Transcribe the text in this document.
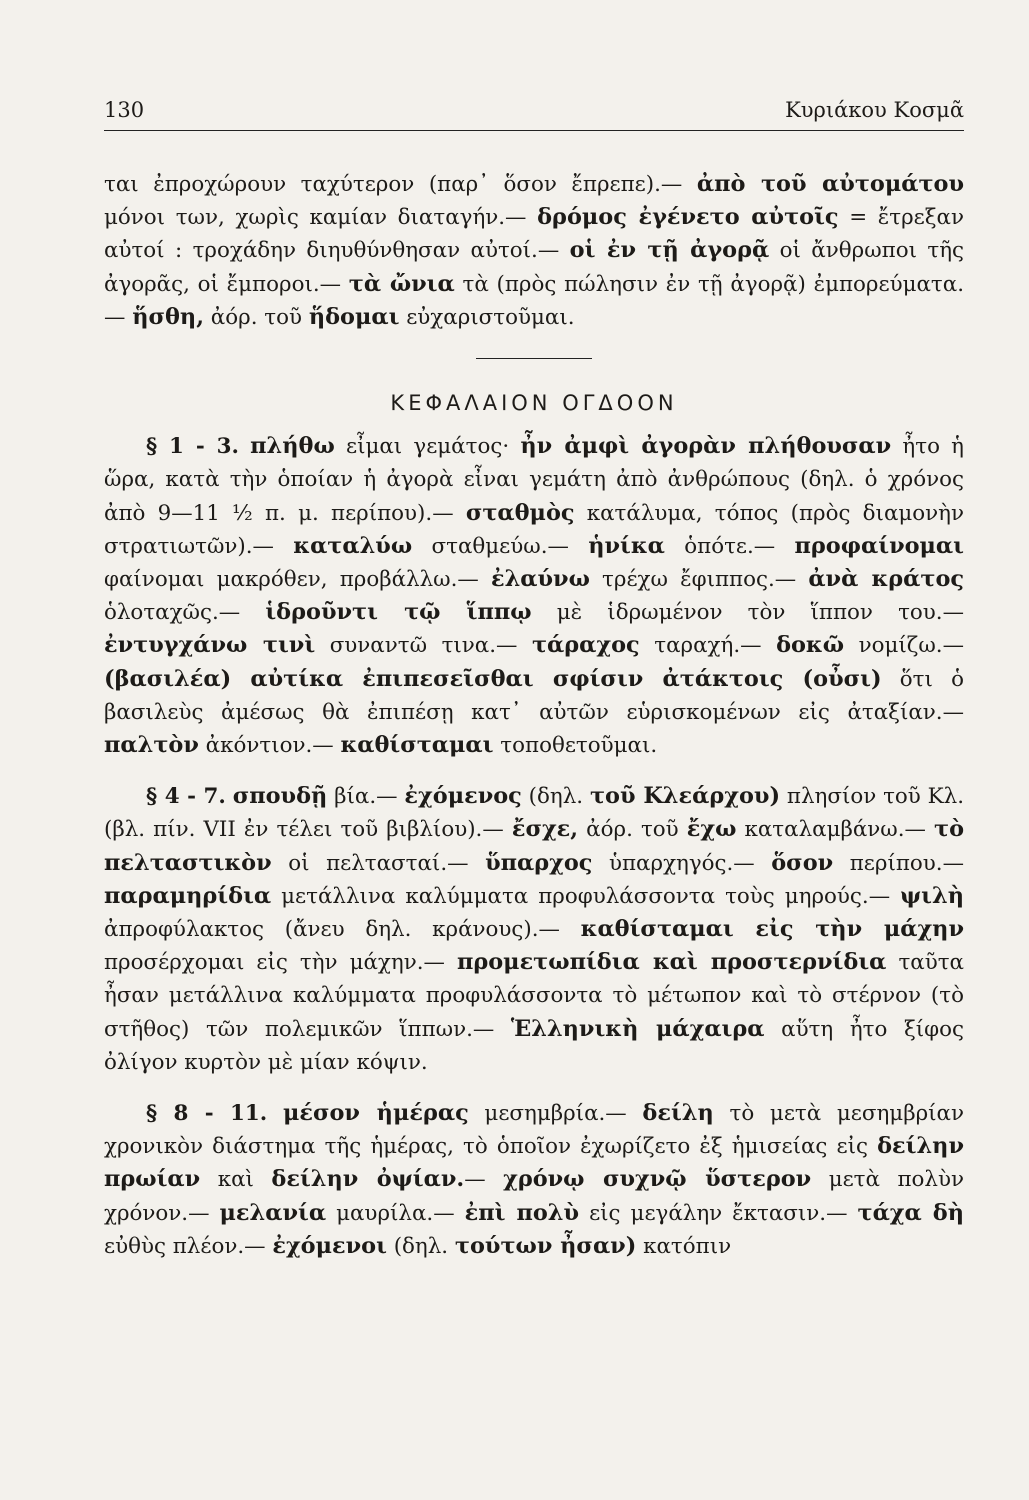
130	Κυριάκου Κοσμᾶ

ται ἐπροχώρουν ταχύτερον (παρ᾽ ὅσον ἔπρεπε).— ἀπὸ τοῦ αὐτομάτου μόνοι των, χωρὶς καμίαν διαταγήν.— δρόμος ἐγένετο αὐτοῖς = ἔτρεξαν αὐτοί : τροχάδην διηυθύνθησαν αὐτοί.— οἱ ἐν τῇ ἀγορᾷ οἱ ἄνθρωποι τῆς ἀγορᾶς, οἱ ἔμποροι.— τὰ ὤνια τὰ (πρὸς πώλησιν ἐν τῇ ἀγορᾷ) ἐμπορεύματα.— ἥσθη, ἀόρ. τοῦ ἥδομαι εὐχαριστοῦμαι.

ΚΕΦΑΛΑΙΟΝ ΟΓΔΟΟΝ

§ 1 - 3. πλήθω εἶμαι γεμάτος· ἦν ἀμφὶ ἀγορὰν πλήθουσαν ἦτο ἡ ὥρα, κατὰ τὴν ὁποίαν ἡ ἀγορὰ εἶναι γεμάτη ἀπὸ ἀνθρώπους (δηλ. ὁ χρόνος ἀπὸ 9—11 ½ π. μ. περίπου).— σταθμὸς κατάλυμα, τόπος (πρὸς διαμονὴν στρατιωτῶν).— καταλύω σταθμεύω.— ἡνίκα ὁπότε.— προφαίνομαι φαίνομαι μακρόθεν, προβάλλω.— ἐλαύνω τρέχω ἔφιππος.— ἀνὰ κράτος ὁλοταχῶς.— ἱδροῦντι τῷ ἵππῳ μὲ ἱδρωμένον τὸν ἵππον του.— ἐντυγχάνω τινὶ συναντῶ τινα.— τάραχος ταραχή.— δοκῶ νομίζω.— (βασιλέα) αὐτίκα ἐπιπεσεῖσθαι σφίσιν ἀτάκτοις (οὖσι) ὅτι ὁ βασιλεὺς ἀμέσως θὰ ἐπιπέσῃ κατ᾽ αὐτῶν εὑρισκομένων εἰς ἀταξίαν.— παλτὸν ἀκόντιον.— καθίσταμαι τοποθετοῦμαι.

§ 4 - 7. σπουδῇ βία.— ἐχόμενος (δηλ. τοῦ Κλεάρχου) πλησίον τοῦ Κλ. (βλ. πίν. VII ἐν τέλει τοῦ βιβλίου).— ἔσχε, ἀόρ. τοῦ ἔχω καταλαμβάνω.— τὸ πελταστικὸν οἱ πελτασταί.— ὕπαρχος ὑπαρχηγός.— ὅσον περίπου.— παραμηρίδια μετάλλινα καλύμματα προφυλάσσοντα τοὺς μηρούς.— ψιλὴ ἀπροφύλακτος (ἄνευ δηλ. κράνους).— καθίσταμαι εἰς τὴν μάχην προσέρχομαι εἰς τὴν μάχην.— προμετωπίδια καὶ προστερνίδια ταῦτα ἦσαν μετάλλινα καλύμματα προφυλάσσοντα τὸ μέτωπον καὶ τὸ στέρνον (τὸ στῆθος) τῶν πολεμικῶν ἵππων.— Ἑλληνικὴ μάχαιρα αὕτη ἦτο ξίφος ὀλίγον κυρτὸν μὲ μίαν κόψιν.

§ 8 - 11. μέσον ἡμέρας μεσημβρία.— δείλη τὸ μετὰ μεσημβρίαν χρονικὸν διάστημα τῆς ἡμέρας, τὸ ὁποῖον ἐχωρίζετο ἐξ ἡμισείας εἰς δείλην πρωίαν καὶ δείλην ὀψίαν.— χρόνῳ συχνῷ ὕστερον μετὰ πολὺν χρόνον.— μελανία μαυρίλα.— ἐπὶ πολὺ εἰς μεγάλην ἔκτασιν.— τάχα δὴ εὐθὺς πλέον.— ἐχόμενοι (δηλ. τούτων ἦσαν) κατόπιν
